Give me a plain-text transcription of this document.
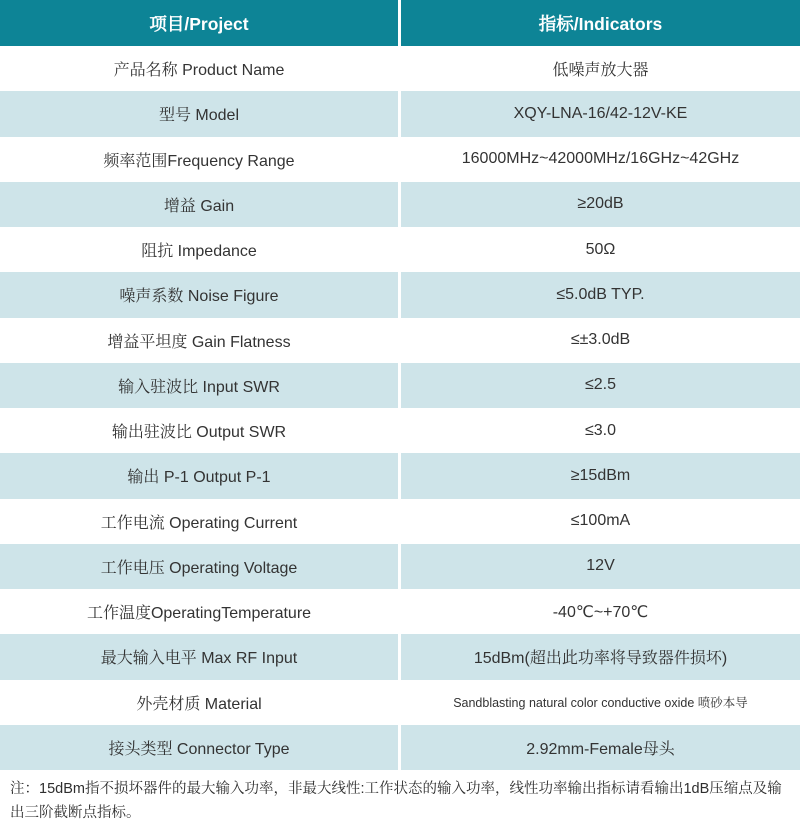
项目/Project	指标/Indicators
产品名称 Product Name	低噪声放大器
型号 Model	XQY-LNA-16/42-12V-KE
频率范围Frequency Range	16000MHz~42000MHz/16GHz~42GHz
增益 Gain	≥20dB
阻抗 Impedance	50Ω
噪声系数 Noise Figure	≤5.0dB TYP.
增益平坦度 Gain Flatness	≤±3.0dB
输入驻波比 Input SWR	≤2.5
输出驻波比 Output SWR	≤3.0
输出 P-1 Output P-1	≥15dBm
工作电流 Operating Current	≤100mA
工作电压 Operating Voltage	12V
工作温度OperatingTemperature	-40℃~+70℃
最大输入电平 Max RF Input	15dBm(超出此功率将导致器件损坏)
外壳材质 Material	Sandblasting natural color conductive oxide 喷砂本导
接头类型 Connector Type	2.92mm-Female母头
注：15dBm指不损坏器件的最大输入功率，非最大线性:工作状态的输入功率，线性功率输出指标请看输出1dB压缩点及输出三阶截断点指标。
